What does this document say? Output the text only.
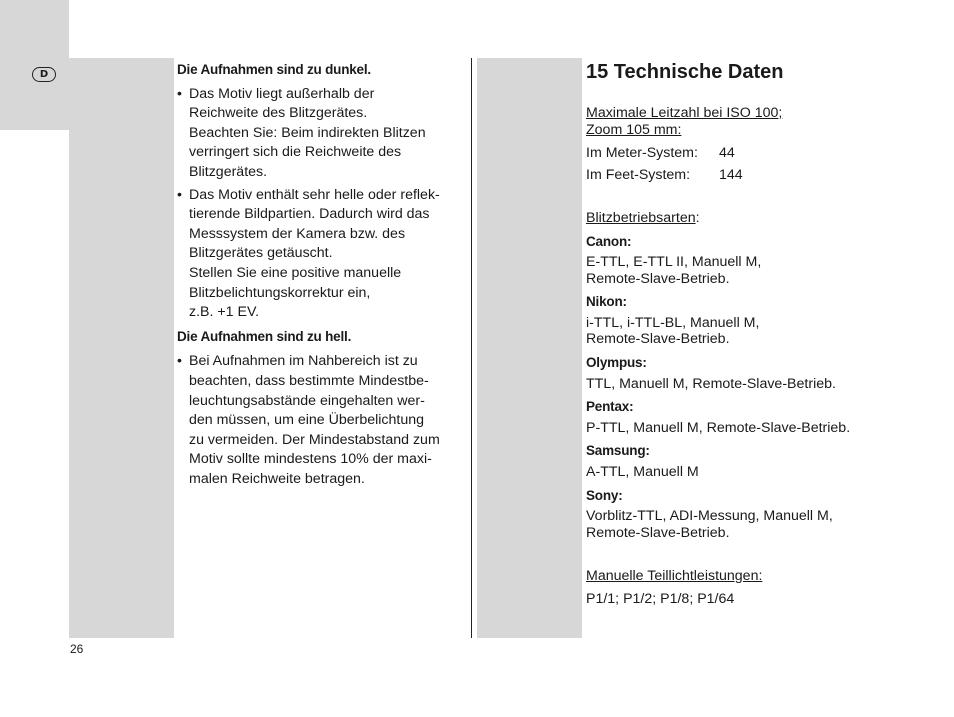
D
26
Die Aufnahmen sind zu dunkel.
• Das Motiv liegt außerhalb der
Reichweite des Blitzgerätes.
Beachten Sie: Beim indirekten Blitzen
verringert sich die Reichweite des
Blitzgerätes.
• Das Motiv enthält sehr helle oder reflek-
tierende Bildpartien. Dadurch wird das
Messsystem der Kamera bzw. des
Blitzgerätes getäuscht.
Stellen Sie eine positive manuelle
Blitzbelichtungskorrektur ein,
z.B. +1 EV.
Die Aufnahmen sind zu hell.
• Bei Aufnahmen im Nahbereich ist zu
beachten, dass bestimmte Mindestbe-
leuchtungsabstände eingehalten wer-
den müssen, um eine Überbelichtung
zu vermeiden. Der Mindestabstand zum
Motiv sollte mindestens 10% der maxi-
malen Reichweite betragen.
15 Technische Daten
Maximale Leitzahl bei ISO 100;
Zoom 105 mm:
Im Meter-System: 44
Im Feet-System: 144
Blitzbetriebsarten:
Canon:
E-TTL, E-TTL II, Manuell M,
Remote-Slave-Betrieb.
Nikon:
i-TTL, i-TTL-BL, Manuell M,
Remote-Slave-Betrieb.
Olympus:
TTL, Manuell M, Remote-Slave-Betrieb.
Pentax:
P-TTL, Manuell M, Remote-Slave-Betrieb.
Samsung:
A-TTL, Manuell M
Sony:
Vorblitz-TTL, ADI-Messung, Manuell M,
Remote-Slave-Betrieb.
Manuelle Teillichtleistungen:
P1/1; P1/2; P1/8; P1/64
